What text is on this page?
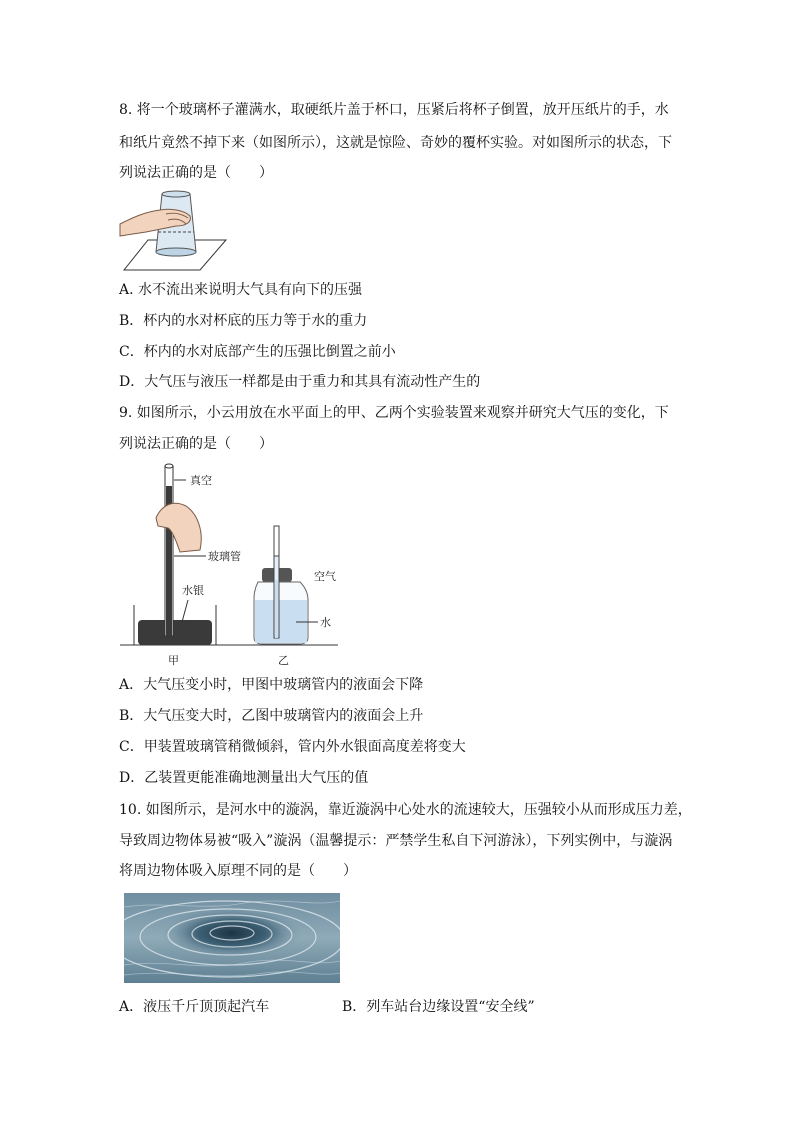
8. 将一个玻璃杯子灌满水，取硬纸片盖于杯口，压紧后将杯子倒置，放开压纸片的手，水
和纸片竟然不掉下来（如图所示），这就是惊险、奇妙的覆杯实验。对如图所示的状态，下
列说法正确的是（　　）
A. 水不流出来说明大气具有向下的压强
B．杯内的水对杯底的压力等于水的重力
C．杯内的水对底部产生的压强比倒置之前小
D．大气压与液压一样都是由于重力和其具有流动性产生的
9. 如图所示，小云用放在水平面上的甲、乙两个实验装置来观察并研究大气压的变化，下
列说法正确的是（　　）
真空
玻璃管
水银
甲
空气
水
乙
A．大气压变小时，甲图中玻璃管内的液面会下降
B．大气压变大时，乙图中玻璃管内的液面会上升
C．甲装置玻璃管稍微倾斜，管内外水银面高度差将变大
D．乙装置更能准确地测量出大气压的值
10. 如图所示，是河水中的漩涡，靠近漩涡中心处水的流速较大，压强较小从而形成压力差，
导致周边物体易被“吸入”漩涡（温馨提示：严禁学生私自下河游泳），下列实例中，与漩涡
将周边物体吸入原理不同的是（　　）
A．液压千斤顶顶起汽车	B．列车站台边缘设置“安全线”
